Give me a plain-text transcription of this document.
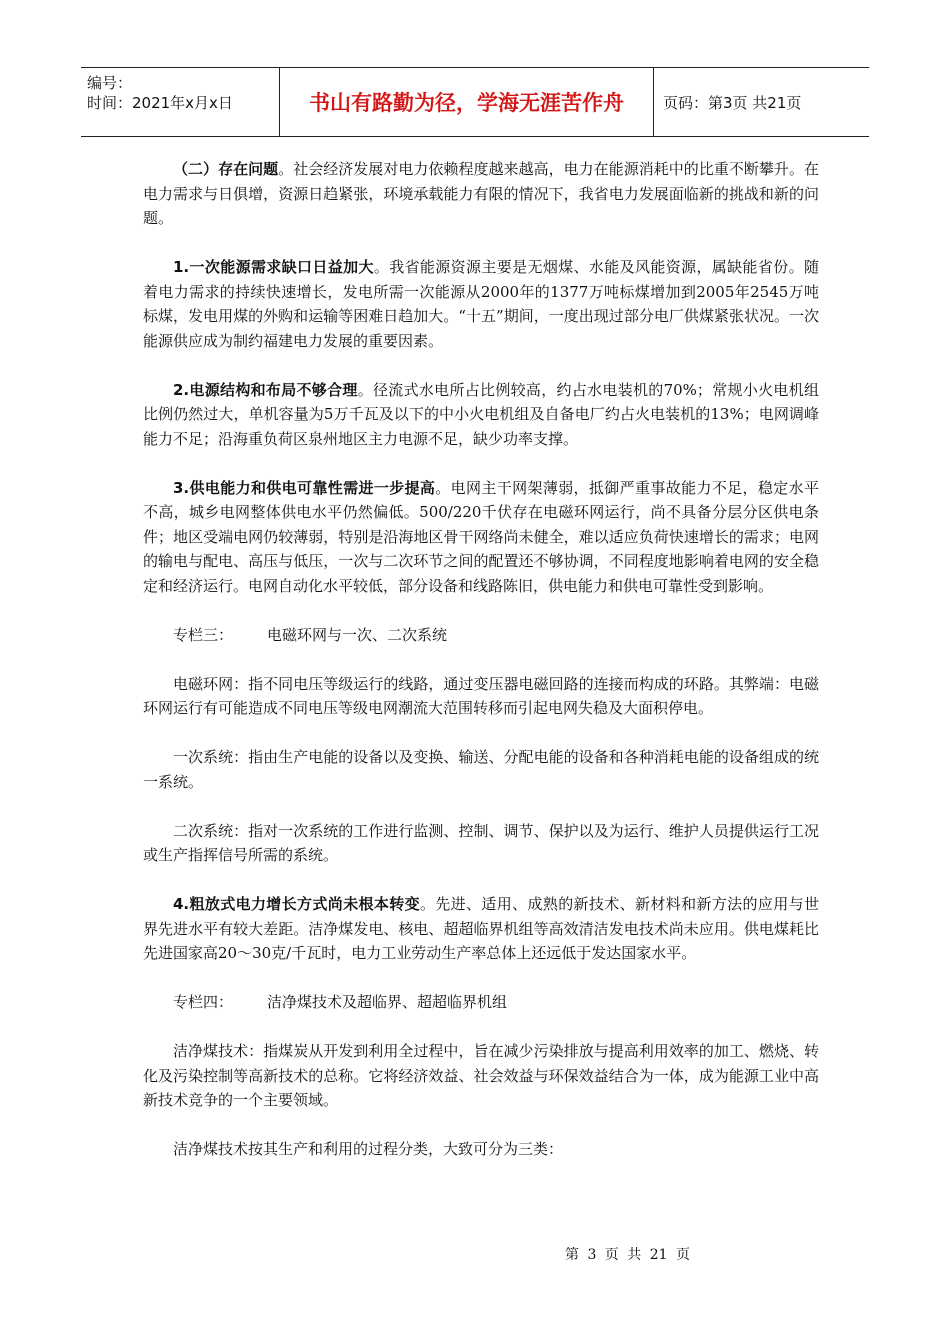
编号：
时间：2021年x月x日	书山有路勤为径，学海无涯苦作舟	页码：第3页 共21页

（二）存在问题。社会经济发展对电力依赖程度越来越高，电力在能源消耗中的比重不断攀升。在电力需求与日俱增，资源日趋紧张，环境承载能力有限的情况下，我省电力发展面临新的挑战和新的问题。

1.一次能源需求缺口日益加大。我省能源资源主要是无烟煤、水能及风能资源，属缺能省份。随着电力需求的持续快速增长，发电所需一次能源从2000年的1377万吨标煤增加到2005年2545万吨标煤，发电用煤的外购和运输等困难日趋加大。“十五”期间，一度出现过部分电厂供煤紧张状况。一次能源供应成为制约福建电力发展的重要因素。

2.电源结构和布局不够合理。径流式水电所占比例较高，约占水电装机的70%；常规小火电机组比例仍然过大，单机容量为5万千瓦及以下的中小火电机组及自备电厂约占火电装机的13%；电网调峰能力不足；沿海重负荷区泉州地区主力电源不足，缺少功率支撑。

3.供电能力和供电可靠性需进一步提高。电网主干网架薄弱，抵御严重事故能力不足，稳定水平不高，城乡电网整体供电水平仍然偏低。500/220千伏存在电磁环网运行，尚不具备分层分区供电条件；地区受端电网仍较薄弱，特别是沿海地区骨干网络尚未健全，难以适应负荷快速增长的需求；电网的输电与配电、高压与低压，一次与二次环节之间的配置还不够协调，不同程度地影响着电网的安全稳定和经济运行。电网自动化水平较低，部分设备和线路陈旧，供电能力和供电可靠性受到影响。

专栏三： 电磁环网与一次、二次系统

电磁环网：指不同电压等级运行的线路，通过变压器电磁回路的连接而构成的环路。其弊端：电磁环网运行有可能造成不同电压等级电网潮流大范围转移而引起电网失稳及大面积停电。

一次系统：指由生产电能的设备以及变换、输送、分配电能的设备和各种消耗电能的设备组成的统一系统。

二次系统：指对一次系统的工作进行监测、控制、调节、保护以及为运行、维护人员提供运行工况或生产指挥信号所需的系统。

4.粗放式电力增长方式尚未根本转变。先进、适用、成熟的新技术、新材料和新方法的应用与世界先进水平有较大差距。洁净煤发电、核电、超超临界机组等高效清洁发电技术尚未应用。供电煤耗比先进国家高20～30克/千瓦时，电力工业劳动生产率总体上还远低于发达国家水平。

专栏四： 洁净煤技术及超临界、超超临界机组

洁净煤技术：指煤炭从开发到利用全过程中，旨在减少污染排放与提高利用效率的加工、燃烧、转化及污染控制等高新技术的总称。它将经济效益、社会效益与环保效益结合为一体，成为能源工业中高新技术竞争的一个主要领域。

洁净煤技术按其生产和利用的过程分类，大致可分为三类：

第 3 页 共 21 页
